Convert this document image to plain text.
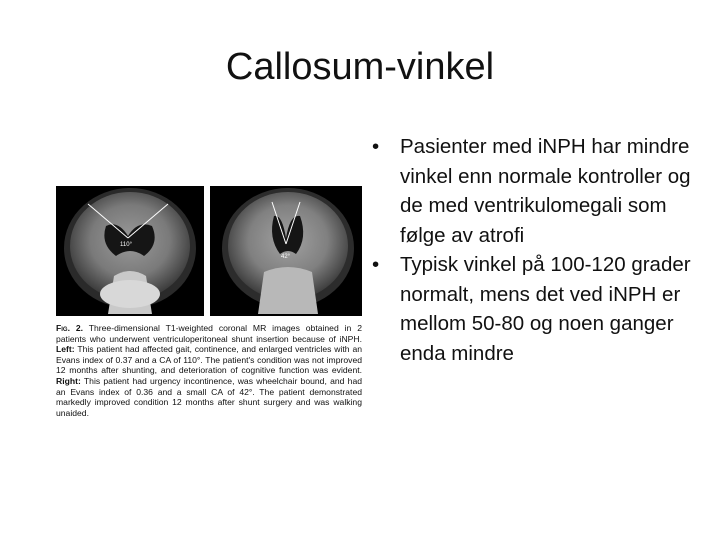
Callosum-vinkel
110°
42°
Fig. 2. Three-dimensional T1-weighted coronal MR images obtained in 2 patients who underwent ventriculoperitoneal shunt insertion because of iNPH. Left: This patient had affected gait, continence, and enlarged ventricles with an Evans index of 0.37 and a CA of 110°. The patient's condition was not improved 12 months after shunting, and deterioration of cognitive function was evident. Right: This patient had urgency incontinence, was wheelchair bound, and had an Evans index of 0.36 and a small CA of 42°. The patient demonstrated markedly improved condition 12 months after shunt surgery and was walking unaided.
•	Pasienter med iNPH har mindre vinkel enn normale kontroller og de med ventrikulomegali som følge av atrofi
•	Typisk vinkel på 100-120 grader normalt, mens det ved iNPH er mellom 50-80 og noen ganger enda mindre
